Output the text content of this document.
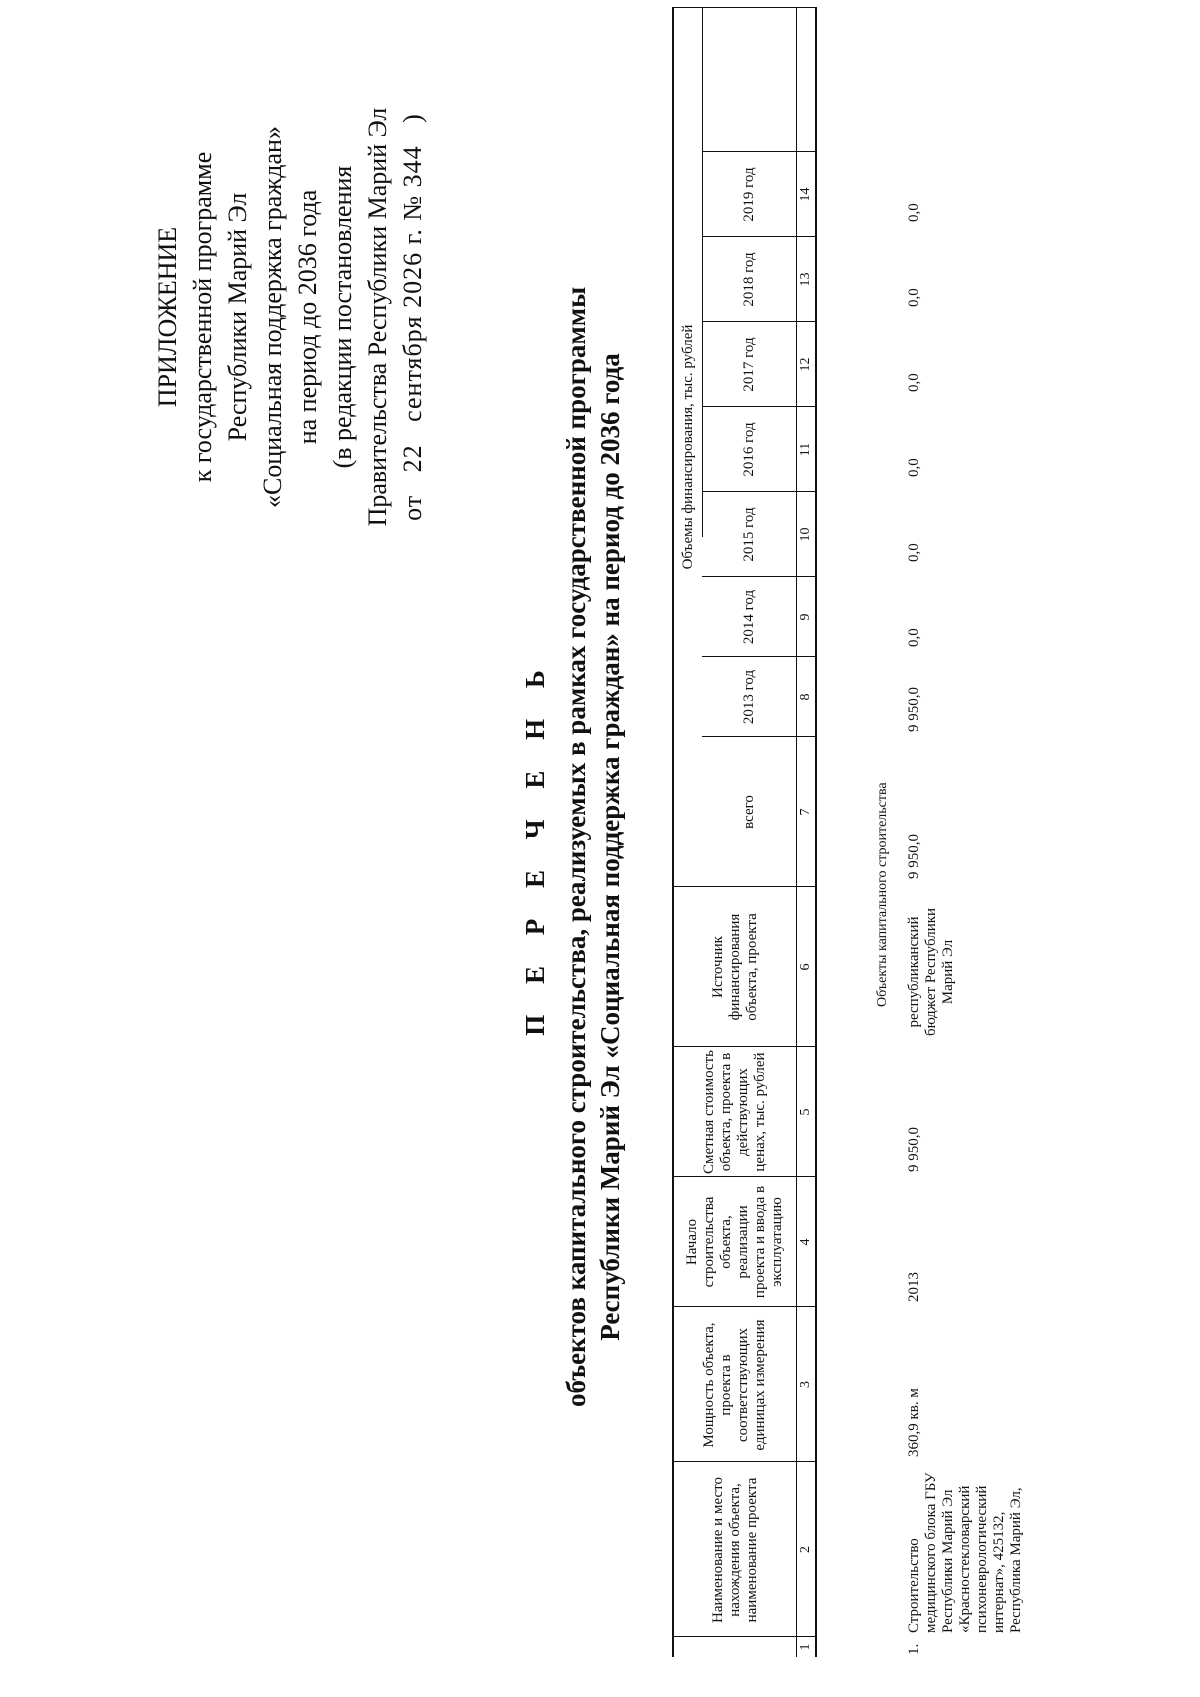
ПРИЛОЖЕНИЕ к государственной программе Республики Марий Эл «Социальная поддержка граждан» на период до 2036 года (в редакции постановления Правительства Республики Марий Эл от   22   сентября 2026 г. № 344   )
П Е Р Е Ч Е Н Ь объектов капитального строительства, реализуемых в рамках государственной программы Республики Марий Эл «Социальная поддержка граждан» на период до 2036 года
Наименование и место нахождения объекта, наименование проекта
Мощность объекта, проекта в соответствующих единицах измерения
Начало строительства объекта, реализации проекта и ввода в эксплуатацию
Сметная стоимость объекта, проекта в действующих ценах, тыс. рублей
Источник финансирования объекта, проекта
Объемы финансирования, тыс. рублей
всего
2013 год
2014 год
2015 год
2016 год
2017 год
2018 год
2019 год
1
2
3
4
5
6
7
8
9
10
11
12
13
14
Объекты капитального строительства
1.
Строительство медицинского блока ГБУ Республики Марий Эл «Красностекловарский психоневрологический интернат», 425132, Республика Марий Эл,
360,9 кв. м
2013
9 950,0
республиканский бюджет Республики Марий Эл
9 950,0
9 950,0
0,0
0,0
0,0
0,0
0,0
0,0
